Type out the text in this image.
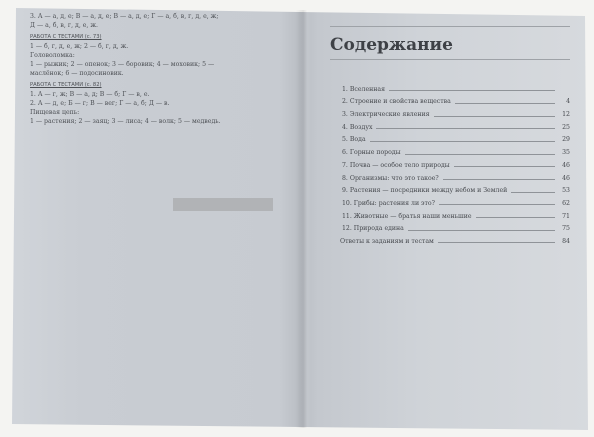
3. А — а, д, е; В — а, д, е; В — а, д, е; Г — а, б, в, г, д, е, ж;
Д — а, б, в, г, д, е, ж.
РАБОТА С ТЕСТАМИ (с. 73)
1 — б, г, д, е, ж; 2 — б, г, д, ж.
Головоломка:
1 — рыжик; 2 — опенок; 3 — боровик; 4 — моховик; 5 —
маслёнок; 6 — подосиновик.
РАБОТА С ТЕСТАМИ (с. 82)
1. А — г, ж; В — а, д; В — б; Г — в, е.
2. А — д, е; Б — г; В — вег; Г — а, б; Д — в.
Пищевая цепь:
1 — растения; 2 — заяц; 3 — лиса; 4 — волк; 5 — медведь.
Содержание
1. Вселенная
2. Строение и свойства вещества	4
3. Электрические явления	12
4. Воздух	25
5. Вода	29
6. Горные породы	35
7. Почва — особое тело природы	46
8. Организмы: что это такое?	46
9. Растения — посредники между небом и Землей	53
10. Грибы: растения ли это?	62
11. Животные — братья наши меньшие	71
12. Природа едина	75
Ответы к заданиям и тестам	84
